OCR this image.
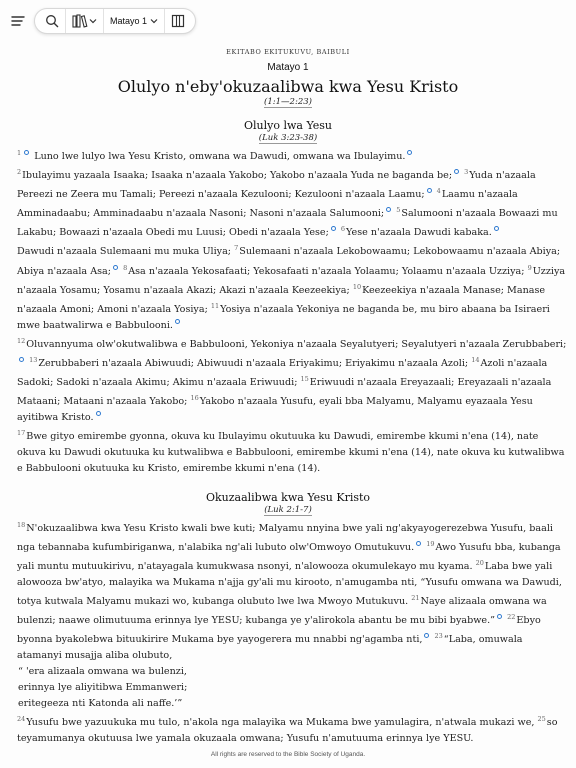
Matayo 1
EKITABO EKITUKUVU, BAIBULI
Matayo 1
Olulyo n'eby'okuzaalibwa kwa Yesu Kristo
(1:1—2:23)
Olulyo lwa Yesu
(Luk 3:23-38)

$^1$ Luno lwe lulyo lwa Yesu Kristo, omwana wa Dawudi, omwana wa Ibulayimu.
$^2$Ibulayimu yazaala Isaaka; Isaaka n'azaala Yakobo; Yakobo n'azaala Yuda ne baganda be; $^3$Yuda n'azaala Pereezi ne Zeera mu Tamali; Pereezi n'azaala Kezulooni; Kezulooni n'azaala Laamu; $^4$Laamu n'azaala Amminadaabu; Amminadaabu n'azaala Nasoni; Nasoni n'azaala Salumooni; $^5$Salumooni n'azaala Bowaazi mu Lakabu; Bowaazi n'azaala Obedi mu Luusi; Obedi n'azaala Yese; $^6$Yese n'azaala Dawudi kabaka.

Dawudi n'azaala Sulemaani mu muka Uliya; $^7$Sulemaani n'azaala Lekobowaamu; Lekobowaamu n'azaala Abiya; Abiya n'azaala Asa; $^8$Asa n'azaala Yekosafaati; Yekosafaati n'azaala Yolaamu; Yolaamu n'azaala Uzziya; $^9$Uzziya n'azaala Yosamu; Yosamu n'azaala Akazi; Akazi n'azaala Keezeekiya; $^{10}$Keezeekiya n'azaala Manase; Manase n'azaala Amoni; Amoni n'azaala Yosiya; $^{11}$Yosiya n'azaala Yekoniya ne baganda be, mu biro abaana ba Isiraeri mwe baatwalirwa e Babbulooni.

$^{12}$Oluvannyuma olw'okutwalibwa e Babbulooni, Yekoniya n'azaala Seyalutyeri; Seyalutyeri n'azaala Zerubbaberi;  $^{13}$Zerubbaberi n'azaala Abiwuudi; Abiwuudi n'azaala Eriyakimu; Eriyakimu n'azaala Azoli; $^{14}$Azoli n'azaala Sadoki; Sadoki n'azaala Akimu; Akimu n'azaala Eriwuudi; $^{15}$Eriwuudi n'azaala Ereyazaali; Ereyazaali n'azaala Mataani; Mataani n'azaala Yakobo; $^{16}$Yakobo n'azaala Yusufu, eyali bba Malyamu, Malyamu eyazaala Yesu ayitibwa Kristo.

$^{17}$Bwe gityo emirembe gyonna, okuva ku Ibulayimu okutuuka ku Dawudi, emirembe kkumi n'ena (14), nate okuva ku Dawudi okutuuka ku kutwalibwa e Babbulooni, emirembe kkumi n'ena (14), nate okuva ku kutwalibwa e Babbulooni okutuuka ku Kristo, emirembe kkumi n'ena (14).

Okuzaalibwa kwa Yesu Kristo
(Luk 2:1-7)

$^{18}$N'okuzaalibwa kwa Yesu Kristo kwali bwe kuti; Malyamu nnyina bwe yali ng'akyayogerezebwa Yusufu, baali nga tebannaba kufumbiriganwa, n'alabika ng'ali lubuto olw'Omwoyo Omutukuvu. $^{19}$Awo Yusufu bba, kubanga yali muntu mutuukirivu, n'atayagala kumukwasa nsonyi, n'alowooza okumulekayo mu kyama. $^{20}$Laba bwe yali alowooza bw'atyo, malayika wa Mukama n'ajja gy'ali mu kirooto, n'amugamba nti, “Yusufu omwana wa Dawudi, totya kutwala Malyamu mukazi wo, kubanga olubuto lwe lwa Mwoyo Mutukuvu. $^{21}$Naye alizaala omwana wa bulenzi; naawe olimutuuma erinnya lye YESU; kubanga ye y'alirokola abantu be mu bibi byabwe.” $^{22}$Ebyo byonna byakolebwa bituukirire Mukama bye yayogerera mu nnabbi ng'agamba nti, $^{23}$“Laba, omuwala atamanyi musajja aliba olubuto,

“ 'era alizaala omwana wa bulenzi,

erinnya lye aliyitibwa Emmanweri;

eritegeeza nti Katonda ali naffe.’”

$^{24}$Yusufu bwe yazuukuka mu tulo, n'akola nga malayika wa Mukama bwe yamulagira, n'atwala mukazi we, $^{25}$so teyamumanya okutuusa lwe yamala okuzaala omwana; Yusufu n'amutuuma erinnya lye YESU.

All rights are reserved to the Bible Society of Uganda.
